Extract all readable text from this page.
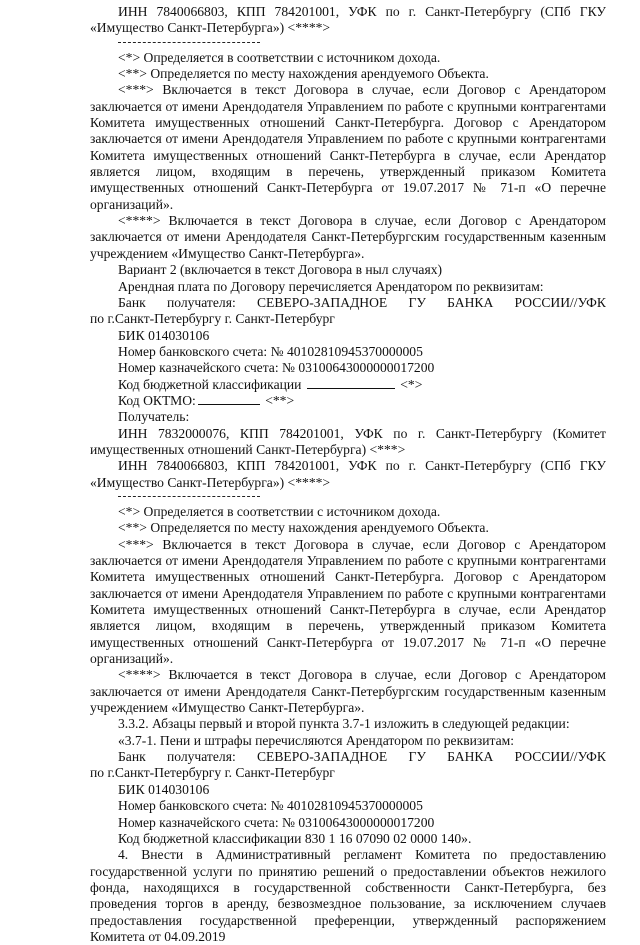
ИНН 7840066803, КПП 784201001, УФК по г. Санкт-Петербургу (СПб ГКУ

«Имущество Санкт-Петербурга») <****>

<*> Определяется в соответствии с источником дохода.

<**> Определяется по месту нахождения арендуемого Объекта.

<***> Включается в текст Договора в случае, если Договор с Арендатором заключается от имени Арендодателя Управлением по работе с крупными контрагентами Комитета имущественных отношений Санкт-Петербурга. Договор с Арендатором заключается от имени Арендодателя Управлением по работе с крупными контрагентами Комитета имущественных отношений Санкт-Петербурга в случае, если Арендатор является лицом, входящим в перечень, утвержденный приказом Комитета имущественных отношений Санкт-Петербурга от 19.07.2017 № 71-п «О перечне организаций».

<****> Включается в текст Договора в случае, если Договор с Арендатором заключается от имени Арендодателя Санкт-Петербургским государственным казенным учреждением «Имущество Санкт-Петербурга».

Вариант 2 (включается в текст Договора в ныл случаях)

Арендная плата по Договору перечисляется Арендатором по реквизитам:

Банк получателя: СЕВЕРО-ЗАПАДНОЕ ГУ БАНКА РОССИИ//УФК

по г.Санкт-Петербургу г. Санкт-Петербург

БИК 014030106

Номер банковского счета: № 40102810945370000005

Номер казначейского счета: № 03100643000000017200

Код бюджетной классификации	<*>

Код ОКТМО:	<**>

Получатель:

ИНН 7832000076, КПП 784201001, УФК по г. Санкт-Петербургу (Комитет

имущественных отношений Санкт-Петербурга) <***>

ИНН 7840066803, КПП 784201001, УФК по г. Санкт-Петербургу (СПб ГКУ

«Имущество Санкт-Петербурга») <****>

<*> Определяется в соответствии с источником дохода.

<**> Определяется по месту нахождения арендуемого Объекта.

<***> Включается в текст Договора в случае, если Договор с Арендатором заключается от имени Арендодателя Управлением по работе с крупными контрагентами Комитета имущественных отношений Санкт-Петербурга. Договор с Арендатором заключается от имени Арендодателя Управлением по работе с крупными контрагентами Комитета имущественных отношений Санкт-Петербурга в случае, если Арендатор является лицом, входящим в перечень, утвержденный приказом Комитета имущественных отношений Санкт-Петербурга от 19.07.2017 № 71-п «О перечне организаций».

<****> Включается в текст Договора в случае, если Договор с Арендатором заключается от имени Арендодателя Санкт-Петербургским государственным казенным учреждением «Имущество Санкт-Петербурга».

3.3.2. Абзацы первый и второй пункта 3.7-1 изложить в следующей редакции:

«3.7-1. Пени и штрафы перечисляются Арендатором по реквизитам:

Банк получателя: СЕВЕРО-ЗАПАДНОЕ ГУ БАНКА РОССИИ//УФК

по г.Санкт-Петербургу г. Санкт-Петербург

БИК 014030106

Номер банковского счета: № 40102810945370000005

Номер казначейского счета: № 03100643000000017200

Код бюджетной классификации 830 1 16 07090 02 0000 140».

4. Внести в Административный регламент Комитета по предоставлению государственной услуги по принятию решений о предоставлении объектов нежилого фонда, находящихся в государственной собственности Санкт-Петербурга, без проведения торгов в аренду, безвозмездное пользование, за исключением случаев предоставления государственной преференции, утвержденный распоряжением Комитета от 04.09.2019
